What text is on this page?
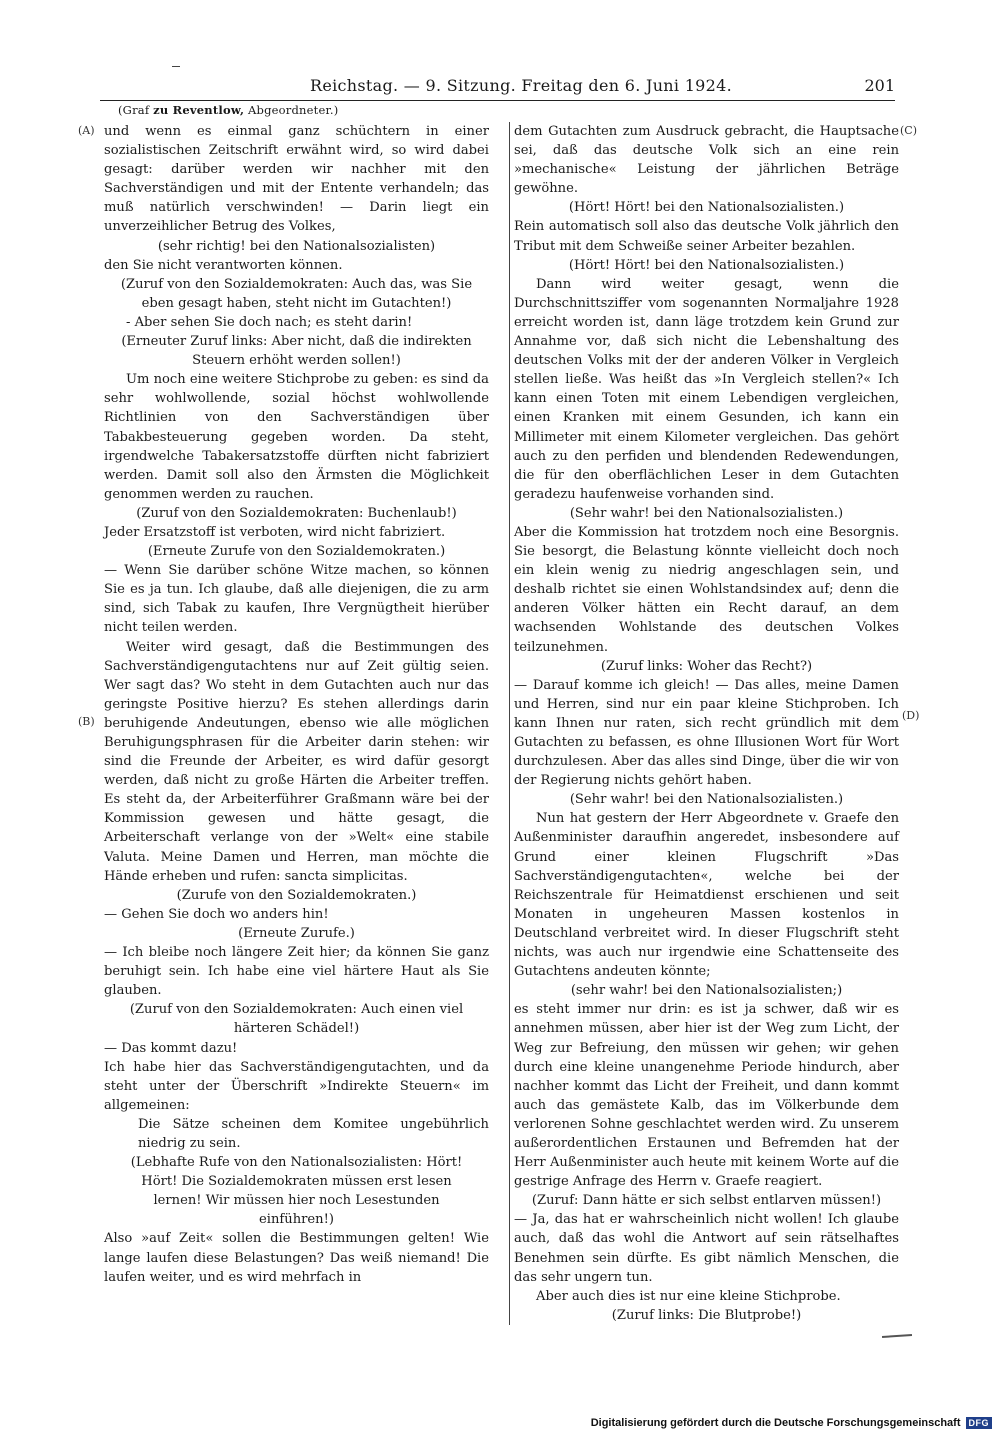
Reichstag. — 9. Sitzung. Freitag den 6. Juni 1924.	201
(Graf zu Reventlow, Abgeordneter.)
(A)
(B)
(C)
(D)

und wenn es einmal ganz schüchtern in einer sozialistischen Zeitschrift erwähnt wird, so wird dabei gesagt: darüber werden wir nachher mit den Sachverständigen und mit der Entente verhandeln; das muß natürlich verschwinden! — Darin liegt ein unverzeihlicher Betrug des Volkes,

(sehr richtig! bei den Nationalsozialisten)

den Sie nicht verantworten können.

(Zuruf von den Sozialdemokraten: Auch das, was Sie eben gesagt haben, steht nicht im Gutachten!)

- Aber sehen Sie doch nach; es steht darin!

(Erneuter Zuruf links: Aber nicht, daß die indirekten Steuern erhöht werden sollen!)

Um noch eine weitere Stichprobe zu geben: es sind da sehr wohlwollende, sozial höchst wohlwollende Richtlinien von den Sachverständigen über Tabakbesteuerung gegeben worden. Da steht, irgendwelche Tabakersatzstoffe dürften nicht fabriziert werden. Damit soll also den Ärmsten die Möglichkeit genommen werden zu rauchen.

(Zuruf von den Sozialdemokraten: Buchenlaub!)

Jeder Ersatzstoff ist verboten, wird nicht fabriziert.

(Erneute Zurufe von den Sozialdemokraten.)

— Wenn Sie darüber schöne Witze machen, so können Sie es ja tun. Ich glaube, daß alle diejenigen, die zu arm sind, sich Tabak zu kaufen, Ihre Vergnügtheit hierüber nicht teilen werden.

Weiter wird gesagt, daß die Bestimmungen des Sachverständigengutachtens nur auf Zeit gültig seien. Wer sagt das? Wo steht in dem Gutachten auch nur das geringste Positive hierzu? Es stehen allerdings darin beruhigende Andeutungen, ebenso wie alle möglichen Beruhigungsphrasen für die Arbeiter darin stehen: wir sind die Freunde der Arbeiter, es wird dafür gesorgt werden, daß nicht zu große Härten die Arbeiter treffen. Es steht da, der Arbeiterführer Graßmann wäre bei der Kommission gewesen und hätte gesagt, die Arbeiterschaft verlange von der »Welt« eine stabile Valuta. Meine Damen und Herren, man möchte die Hände erheben und rufen: sancta simplicitas.

(Zurufe von den Sozialdemokraten.)

— Gehen Sie doch wo anders hin!

(Erneute Zurufe.)

— Ich bleibe noch längere Zeit hier; da können Sie ganz beruhigt sein. Ich habe eine viel härtere Haut als Sie glauben.

(Zuruf von den Sozialdemokraten: Auch einen viel härteren Schädel!)

— Das kommt dazu!

Ich habe hier das Sachverständigengutachten, und da steht unter der Überschrift »Indirekte Steuern« im allgemeinen:

Die Sätze scheinen dem Komitee ungebührlich niedrig zu sein.

(Lebhafte Rufe von den Nationalsozialisten: Hört! Hört! Die Sozialdemokraten müssen erst lesen lernen! Wir müssen hier noch Lesestunden einführen!)

Also »auf Zeit« sollen die Bestimmungen gelten! Wie lange laufen diese Belastungen? Das weiß niemand! Die laufen weiter, und es wird mehrfach in

dem Gutachten zum Ausdruck gebracht, die Hauptsache sei, daß das deutsche Volk sich an eine rein »mechanische« Leistung der jährlichen Beträge gewöhne.

(Hört! Hört! bei den Nationalsozialisten.)

Rein automatisch soll also das deutsche Volk jährlich den Tribut mit dem Schweiße seiner Arbeiter bezahlen.

(Hört! Hört! bei den Nationalsozialisten.)

Dann wird weiter gesagt, wenn die Durchschnittsziffer vom sogenannten Normaljahre 1928 erreicht worden ist, dann läge trotzdem kein Grund zur Annahme vor, daß sich nicht die Lebenshaltung des deutschen Volks mit der der anderen Völker in Vergleich stellen ließe. Was heißt das »In Vergleich stellen?« Ich kann einen Toten mit einem Lebendigen vergleichen, einen Kranken mit einem Gesunden, ich kann ein Millimeter mit einem Kilometer vergleichen. Das gehört auch zu den perfiden und blendenden Redewendungen, die für den oberflächlichen Leser in dem Gutachten geradezu haufenweise vorhanden sind.

(Sehr wahr! bei den Nationalsozialisten.)

Aber die Kommission hat trotzdem noch eine Besorgnis. Sie besorgt, die Belastung könnte vielleicht doch noch ein klein wenig zu niedrig angeschlagen sein, und deshalb richtet sie einen Wohlstandsindex auf; denn die anderen Völker hätten ein Recht darauf, an dem wachsenden Wohlstande des deutschen Volkes teilzunehmen.

(Zuruf links: Woher das Recht?)

— Darauf komme ich gleich! — Das alles, meine Damen und Herren, sind nur ein paar kleine Stichproben. Ich kann Ihnen nur raten, sich recht gründlich mit dem Gutachten zu befassen, es ohne Illusionen Wort für Wort durchzulesen. Aber das alles sind Dinge, über die wir von der Regierung nichts gehört haben.

(Sehr wahr! bei den Nationalsozialisten.)

Nun hat gestern der Herr Abgeordnete v. Graefe den Außenminister daraufhin angeredet, insbesondere auf Grund einer kleinen Flugschrift »Das Sachverständigengutachten«, welche bei der Reichszentrale für Heimatdienst erschienen und seit Monaten in ungeheuren Massen kostenlos in Deutschland verbreitet wird. In dieser Flugschrift steht nichts, was auch nur irgendwie eine Schattenseite des Gutachtens andeuten könnte;

(sehr wahr! bei den Nationalsozialisten;)

es steht immer nur drin: es ist ja schwer, daß wir es annehmen müssen, aber hier ist der Weg zum Licht, der Weg zur Befreiung, den müssen wir gehen; wir gehen durch eine kleine unangenehme Periode hindurch, aber nachher kommt das Licht der Freiheit, und dann kommt auch das gemästete Kalb, das im Völkerbunde dem verlorenen Sohne geschlachtet werden wird. Zu unserem außerordentlichen Erstaunen und Befremden hat der Herr Außenminister auch heute mit keinem Worte auf die gestrige Anfrage des Herrn v. Graefe reagiert.

(Zuruf: Dann hätte er sich selbst entlarven müssen!)

— Ja, das hat er wahrscheinlich nicht wollen! Ich glaube auch, daß das wohl die Antwort auf sein rätselhaftes Benehmen sein dürfte. Es gibt nämlich Menschen, die das sehr ungern tun.

Aber auch dies ist nur eine kleine Stichprobe.

(Zuruf links: Die Blutprobe!)

Digitalisierung gefördert durch die Deutsche Forschungsgemeinschaft DFG
